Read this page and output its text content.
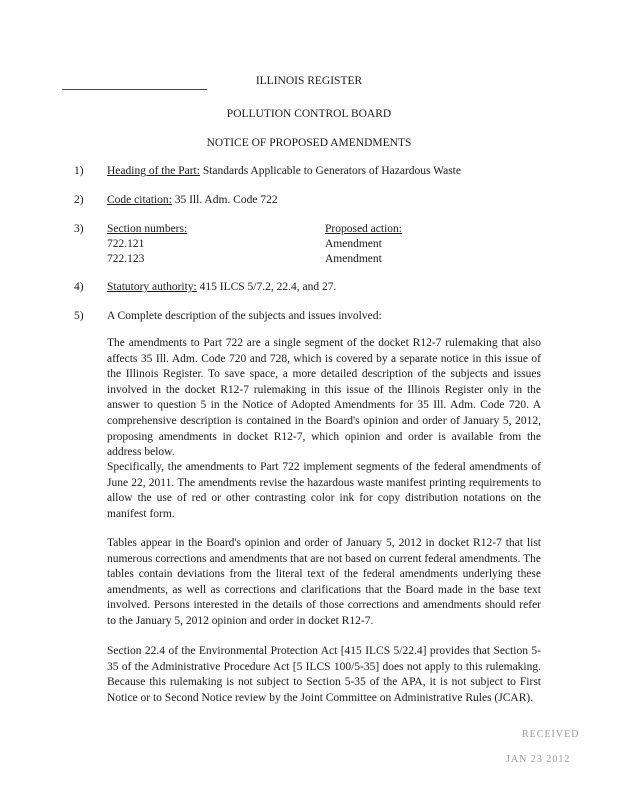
ILLINOIS REGISTER
POLLUTION CONTROL BOARD
NOTICE OF PROPOSED AMENDMENTS
1) Heading of the Part: Standards Applicable to Generators of Hazardous Waste
2) Code citation: 35 Ill. Adm. Code 722
3) Section numbers:	Proposed action:
722.121	Amendment
722.123	Amendment
4) Statutory authority: 415 ILCS 5/7.2, 22.4, and 27.
5) A Complete description of the subjects and issues involved:
The amendments to Part 722 are a single segment of the docket R12-7 rulemaking that also affects 35 Ill. Adm. Code 720 and 728, which is covered by a separate notice in this issue of the Illinois Register. To save space, a more detailed description of the subjects and issues involved in the docket R12-7 rulemaking in this issue of the Illinois Register only in the answer to question 5 in the Notice of Adopted Amendments for 35 Ill. Adm. Code 720. A comprehensive description is contained in the Board's opinion and order of January 5, 2012, proposing amendments in docket R12-7, which opinion and order is available from the address below.
Specifically, the amendments to Part 722 implement segments of the federal amendments of June 22, 2011. The amendments revise the hazardous waste manifest printing requirements to allow the use of red or other contrasting color ink for copy distribution notations on the manifest form.
Tables appear in the Board's opinion and order of January 5, 2012 in docket R12-7 that list numerous corrections and amendments that are not based on current federal amendments. The tables contain deviations from the literal text of the federal amendments underlying these amendments, as well as corrections and clarifications that the Board made in the base text involved. Persons interested in the details of those corrections and amendments should refer to the January 5, 2012 opinion and order in docket R12-7.
Section 22.4 of the Environmental Protection Act [415 ILCS 5/22.4] provides that Section 5-35 of the Administrative Procedure Act [5 ILCS 100/5-35] does not apply to this rulemaking. Because this rulemaking is not subject to Section 5-35 of the APA, it is not subject to First Notice or to Second Notice review by the Joint Committee on Administrative Rules (JCAR).
RECEIVED
JAN 23 2012
